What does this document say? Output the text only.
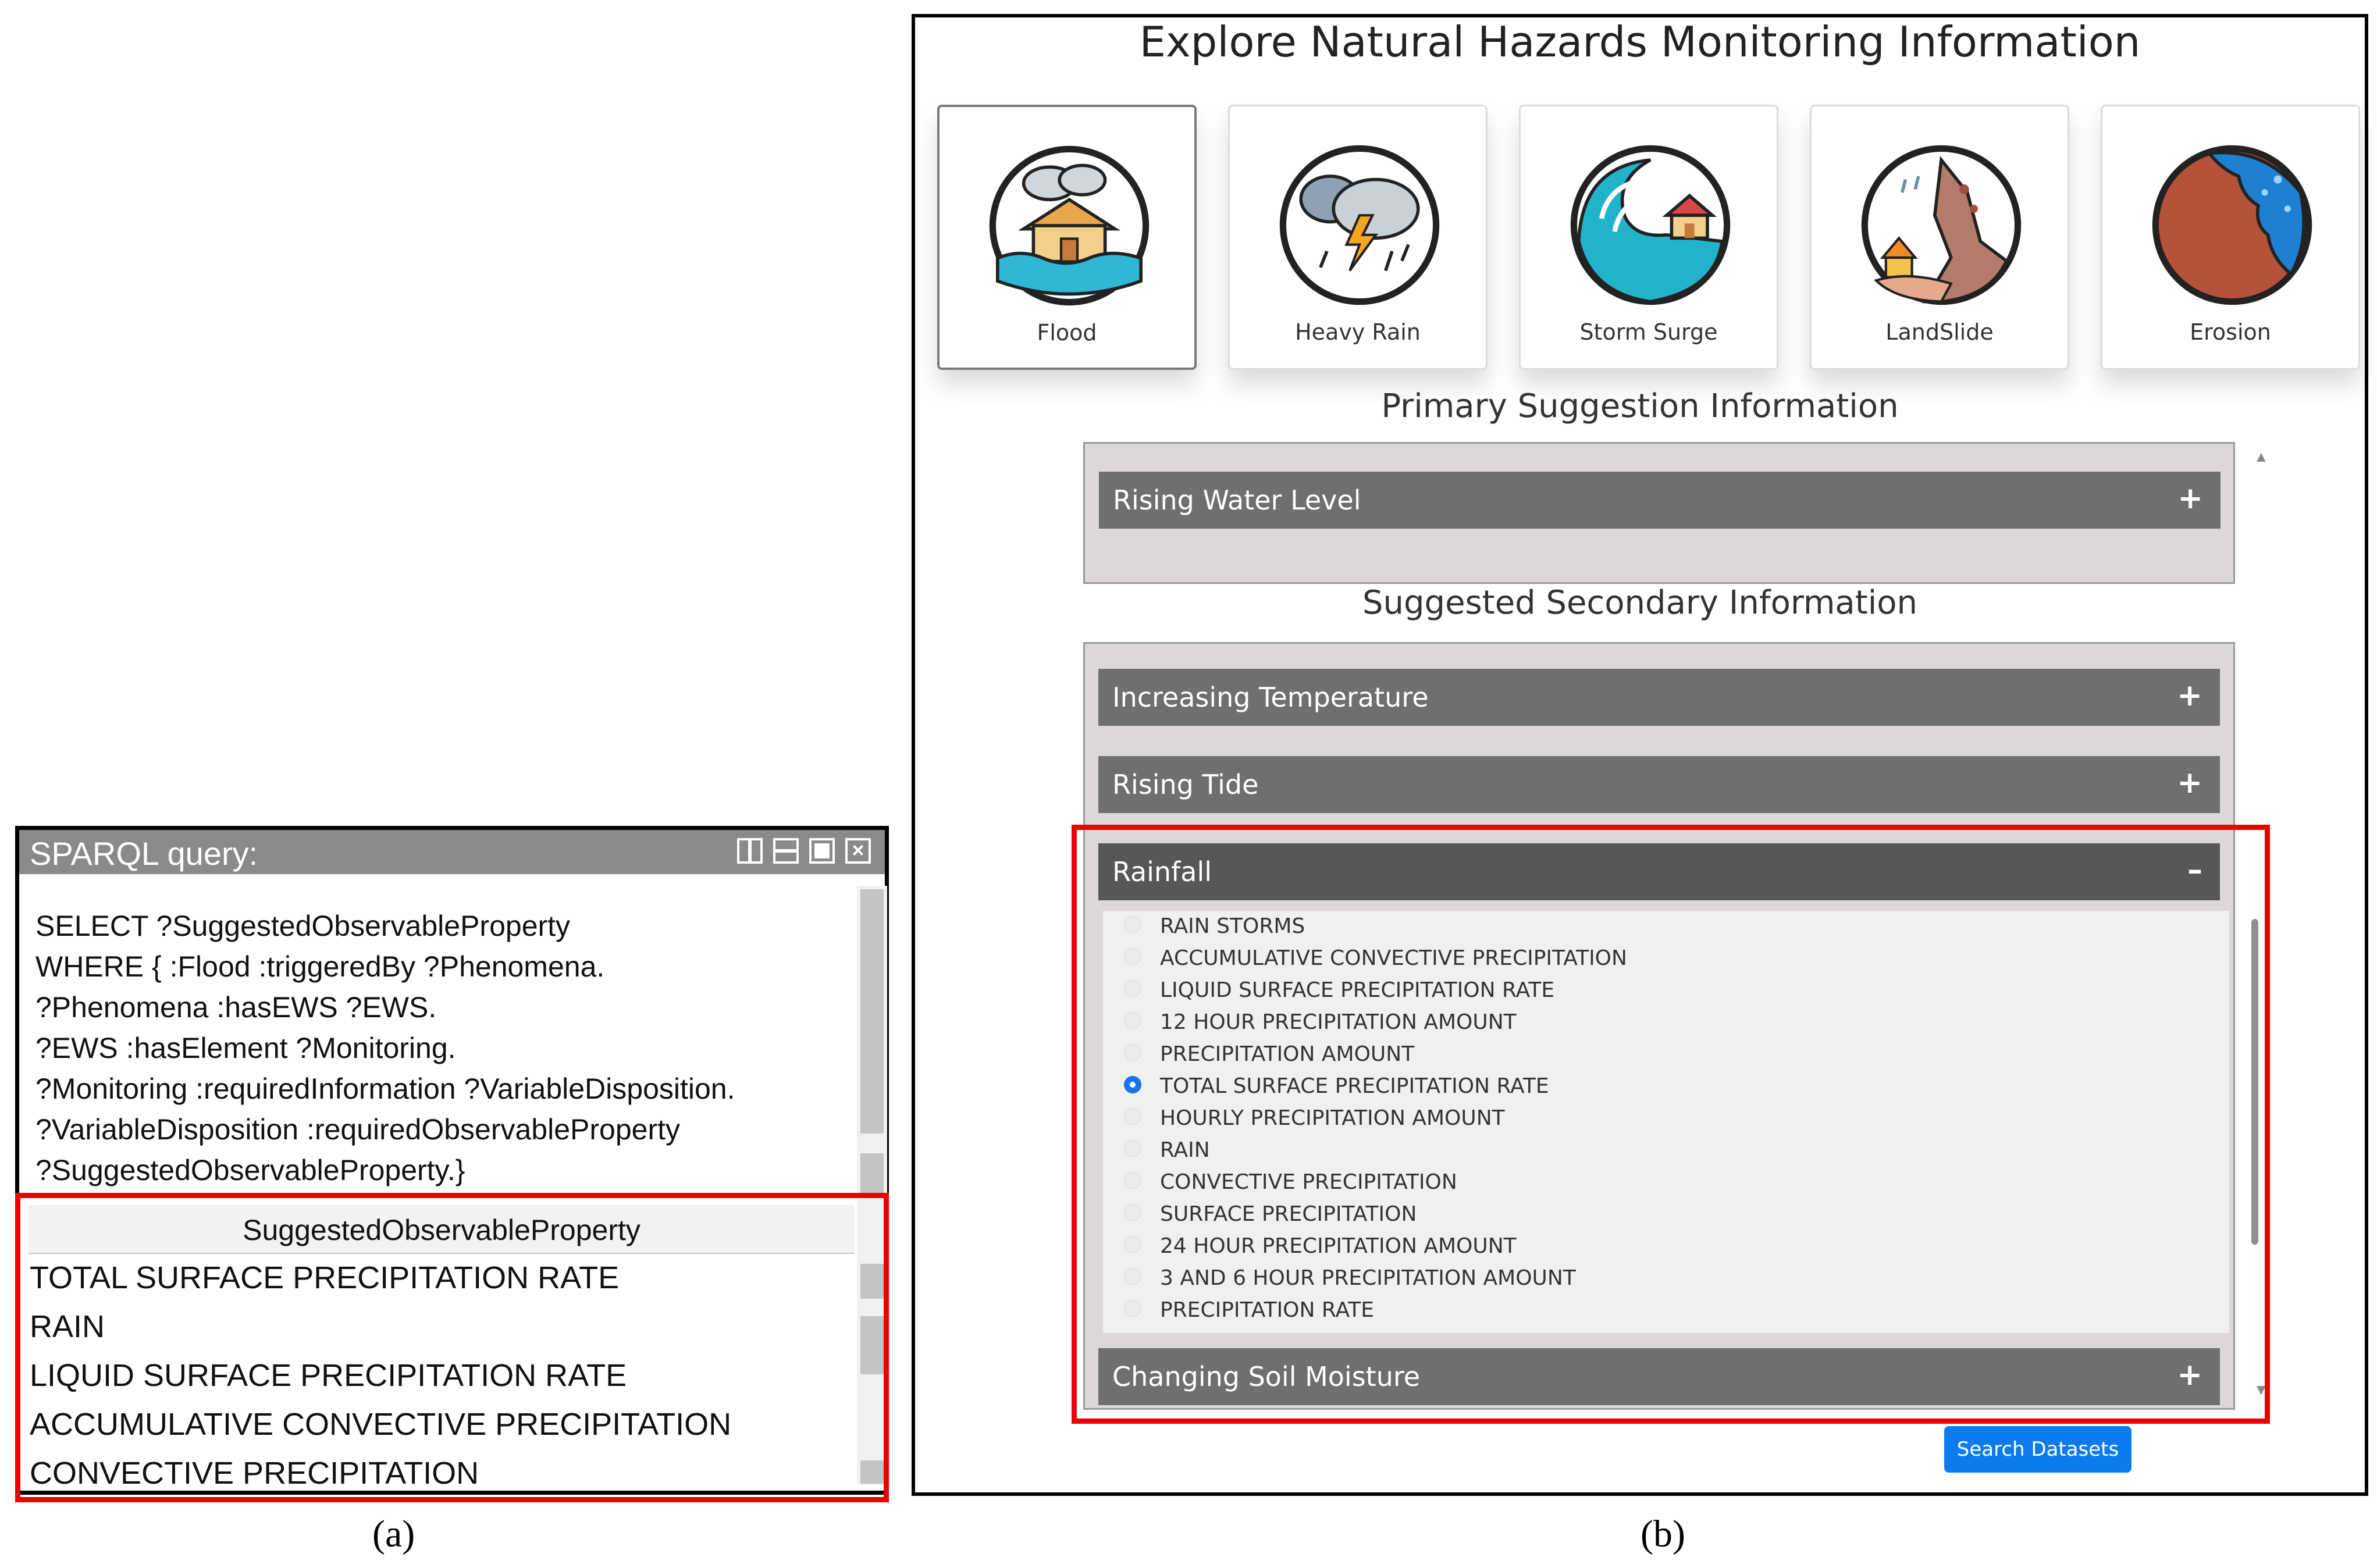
SPARQL query:	×
SELECT ?SuggestedObservableProperty
WHERE { :Flood :triggeredBy ?Phenomena.
?Phenomena :hasEWS ?EWS.
?EWS :hasElement ?Monitoring.
?Monitoring :requiredInformation ?VariableDisposition.
?VariableDisposition :requiredObservableProperty
?SuggestedObservableProperty.}
SuggestedObservableProperty
TOTAL SURFACE PRECIPITATION RATE
RAIN
LIQUID SURFACE PRECIPITATION RATE
ACCUMULATIVE CONVECTIVE PRECIPITATION
CONVECTIVE PRECIPITATION
(a)
Explore Natural Hazards Monitoring Information
Flood	Heavy Rain	Storm Surge	LandSlide	Erosion
Primary Suggestion Information
Rising Water Level	+
Suggested Secondary Information
Increasing Temperature	+
Rising Tide	+
Rainfall	–
RAIN STORMS
ACCUMULATIVE CONVECTIVE PRECIPITATION
LIQUID SURFACE PRECIPITATION RATE
12 HOUR PRECIPITATION AMOUNT
PRECIPITATION AMOUNT
TOTAL SURFACE PRECIPITATION RATE
HOURLY PRECIPITATION AMOUNT
RAIN
CONVECTIVE PRECIPITATION
SURFACE PRECIPITATION
24 HOUR PRECIPITATION AMOUNT
3 AND 6 HOUR PRECIPITATION AMOUNT
PRECIPITATION RATE
Changing Soil Moisture	+
▲
▼
Search Datasets
(b)
